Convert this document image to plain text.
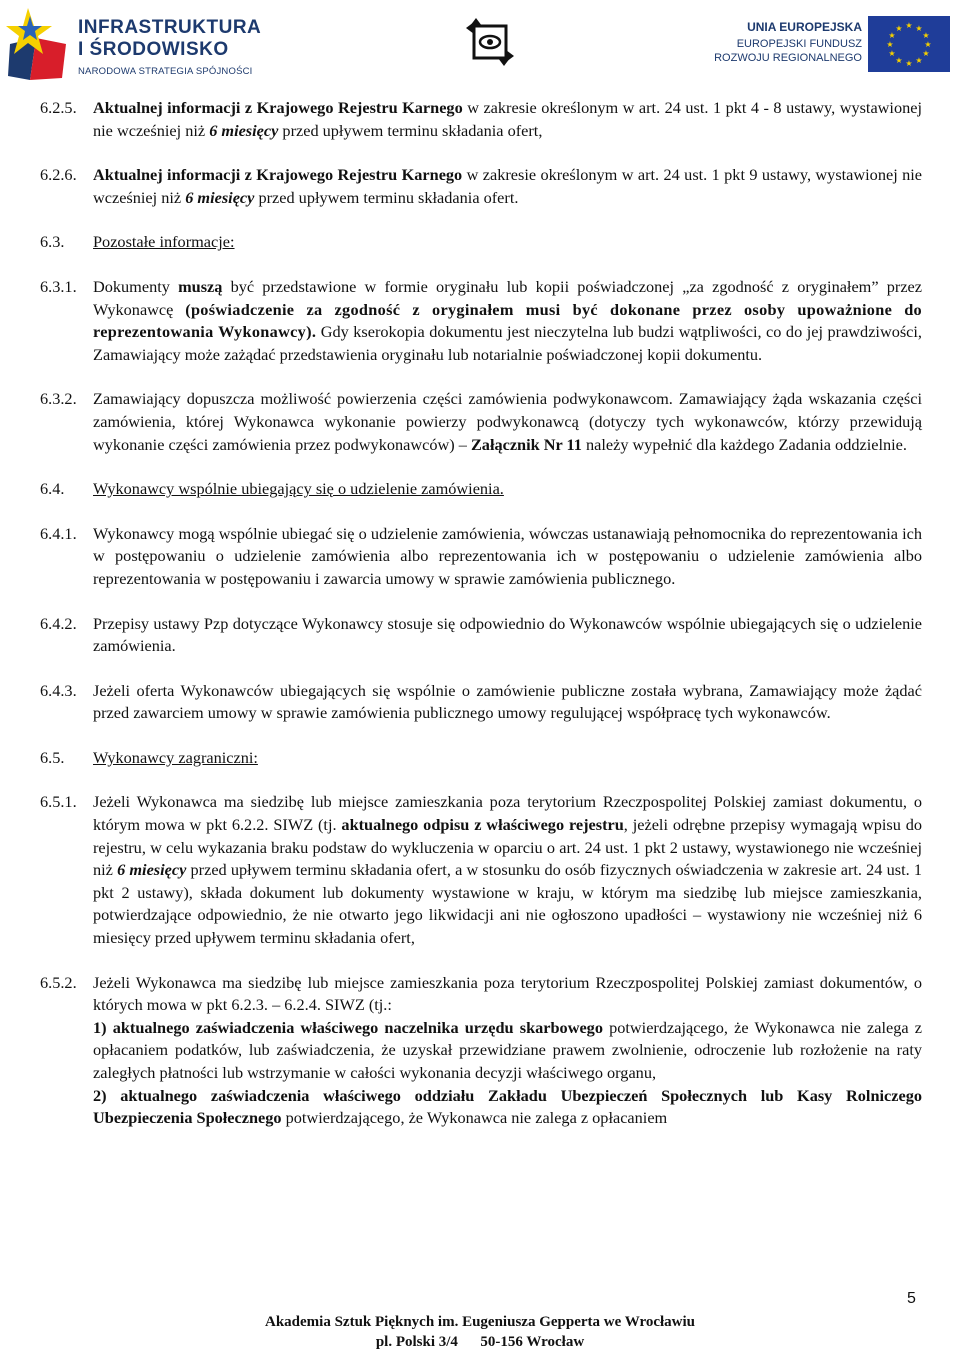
INFRASTRUKTURA
I ŚRODOWISKO
NARODOWA STRATEGIA SPÓJNOŚCI
UNIA EUROPEJSKA
EUROPEJSKI FUNDUSZ
ROZWOJU REGIONALNEGO
★ ★
★
★
★
★
★
★
★
★
★
★
6.2.5.	Aktualnej informacji z Krajowego Rejestru Karnego w zakresie określonym w art. 24 ust. 1 pkt 4 - 8 ustawy, wystawionej nie wcześniej niż 6 miesięcy przed upływem terminu składania ofert,
6.2.6.	Aktualnej informacji z Krajowego Rejestru Karnego w zakresie określonym w art. 24 ust. 1 pkt 9 ustawy, wystawionej nie wcześniej niż 6 miesięcy przed upływem terminu składania ofert.
6.3.	Pozostałe informacje:
6.3.1.	Dokumenty muszą być przedstawione w formie oryginału lub kopii poświadczonej „za zgodność z oryginałem” przez Wykonawcę (poświadczenie za zgodność z oryginałem musi być dokonane przez osoby upoważnione do reprezentowania Wykonawcy). Gdy kserokopia dokumentu jest nieczytelna lub budzi wątpliwości, co do jej prawdziwości, Zamawiający może zażądać przedstawienia oryginału lub notarialnie poświadczonej kopii dokumentu.
6.3.2.	Zamawiający dopuszcza możliwość powierzenia części zamówienia podwykonawcom. Zamawiający żąda wskazania części zamówienia, której Wykonawca wykonanie powierzy podwykonawcą (dotyczy tych wykonawców, którzy przewidują wykonanie części zamówienia przez podwykonawców) – Załącznik Nr 11 należy wypełnić dla każdego Zadania oddzielnie.
6.4.	Wykonawcy wspólnie ubiegający się o udzielenie zamówienia.
6.4.1.	Wykonawcy mogą wspólnie ubiegać się o udzielenie zamówienia, wówczas ustanawiają pełnomocnika do reprezentowania ich w postępowaniu o udzielenie zamówienia albo reprezentowania ich w postępowaniu o udzielenie zamówienia albo reprezentowania w postępowaniu i zawarcia umowy w sprawie zamówienia publicznego.
6.4.2.	Przepisy ustawy Pzp dotyczące Wykonawcy stosuje się odpowiednio do Wykonawców wspólnie ubiegających się o udzielenie zamówienia.
6.4.3.	Jeżeli oferta Wykonawców ubiegających się wspólnie o zamówienie publiczne została wybrana, Zamawiający może żądać przed zawarciem umowy w sprawie zamówienia publicznego umowy regulującej współpracę tych wykonawców.
6.5.	Wykonawcy zagraniczni:
6.5.1.	Jeżeli Wykonawca ma siedzibę lub miejsce zamieszkania poza terytorium Rzeczpospolitej Polskiej zamiast dokumentu, o którym mowa w pkt 6.2.2. SIWZ (tj. aktualnego odpisu z właściwego rejestru, jeżeli odrębne przepisy wymagają wpisu do rejestru, w celu wykazania braku podstaw do wykluczenia w oparciu o art. 24 ust. 1 pkt 2 ustawy, wystawionego nie wcześniej niż 6 miesięcy przed upływem terminu składania ofert, a w stosunku do osób fizycznych oświadczenia w zakresie art. 24 ust. 1 pkt 2 ustawy), składa dokument lub dokumenty wystawione w kraju, w którym ma siedzibę lub miejsce zamieszkania, potwierdzające odpowiednio, że nie otwarto jego likwidacji ani nie ogłoszono upadłości – wystawiony nie wcześniej niż 6 miesięcy przed upływem terminu składania ofert,
6.5.2.	Jeżeli Wykonawca ma siedzibę lub miejsce zamieszkania poza terytorium Rzeczpospolitej Polskiej zamiast dokumentów, o których mowa w pkt 6.2.3. – 6.2.4. SIWZ (tj.:
1) aktualnego zaświadczenia właściwego naczelnika urzędu skarbowego potwierdzającego, że Wykonawca nie zalega z opłacaniem podatków, lub zaświadczenia, że uzyskał przewidziane prawem zwolnienie, odroczenie lub rozłożenie na raty zaległych płatności lub wstrzymanie w całości wykonania decyzji właściwego organu,
2) aktualnego zaświadczenia właściwego oddziału Zakładu Ubezpieczeń Społecznych lub Kasy Rolniczego Ubezpieczenia Społecznego potwierdzającego, że Wykonawca nie zalega z opłacaniem
5
Akademia Sztuk Pięknych im. Eugeniusza Gepperta we Wrocławiu
pl. Polski 3/4      50-156 Wrocław
